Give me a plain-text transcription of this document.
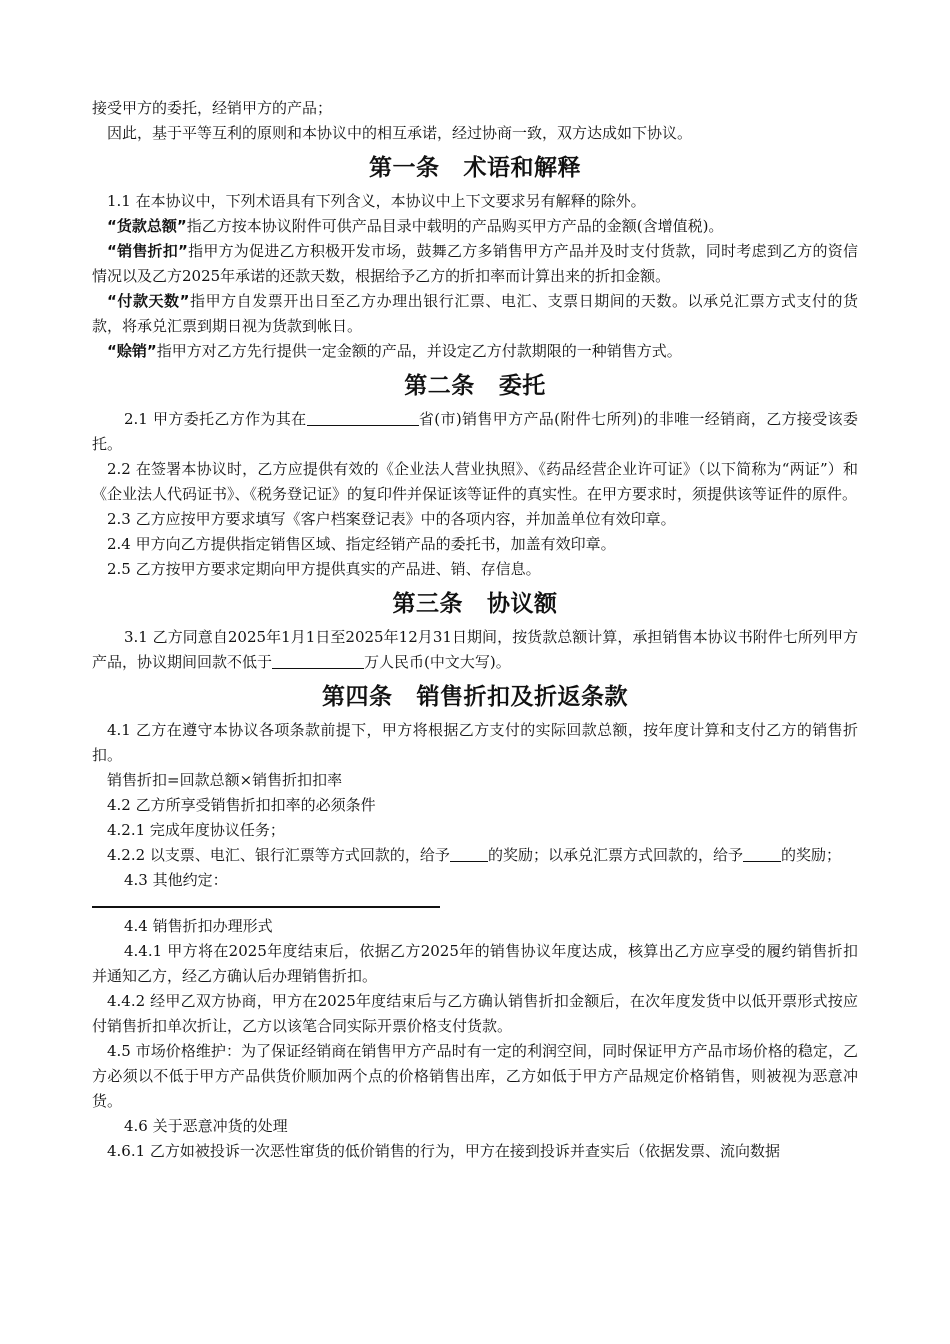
接受甲方的委托，经销甲方的产品；

因此，基于平等互利的原则和本协议中的相互承诺，经过协商一致，双方达成如下协议。

第一条 术语和解释

1.1 在本协议中，下列术语具有下列含义，本协议中上下文要求另有解释的除外。

“货款总额”指乙方按本协议附件可供产品目录中载明的产品购买甲方产品的金额(含增值税)。

“销售折扣”指甲方为促进乙方积极开发市场，鼓舞乙方多销售甲方产品并及时支付货款，同时考虑到乙方的资信情况以及乙方2025年承诺的还款天数，根据给予乙方的折扣率而计算出来的折扣金额。

“付款天数”指甲方自发票开出日至乙方办理出银行汇票、电汇、支票日期间的天数。以承兑汇票方式支付的货款，将承兑汇票到期日视为货款到帐日。

“赊销”指甲方对乙方先行提供一定金额的产品，并设定乙方付款期限的一种销售方式。

第二条 委托

2.1 甲方委托乙方作为其在	省(市)销售甲方产品(附件七所列)的非唯一经销商，乙方接受该委托。

2.2 在签署本协议时，乙方应提供有效的《企业法人营业执照》、《药品经营企业许可证》（以下简称为“两证”）和《企业法人代码证书》、《税务登记证》的复印件并保证该等证件的真实性。在甲方要求时，须提供该等证件的原件。

2.3 乙方应按甲方要求填写《客户档案登记表》中的各项内容，并加盖单位有效印章。

2.4 甲方向乙方提供指定销售区域、指定经销产品的委托书，加盖有效印章。

2.5 乙方按甲方要求定期向甲方提供真实的产品进、销、存信息。

第三条 协议额

3.1 乙方同意自2025年1月1日至2025年12月31日期间，按货款总额计算，承担销售本协议书附件七所列甲方产品，协议期间回款不低于	万人民币(中文大写)。

第四条 销售折扣及折返条款

4.1 乙方在遵守本协议各项条款前提下，甲方将根据乙方支付的实际回款总额，按年度计算和支付乙方的销售折扣。

销售折扣=回款总额×销售折扣扣率

4.2 乙方所享受销售折扣扣率的必须条件

4.2.1 完成年度协议任务；

4.2.2 以支票、电汇、银行汇票等方式回款的，给予	的奖励；以承兑汇票方式回款的，给予	的奖励；

4.3 其他约定：

4.4 销售折扣办理形式

4.4.1 甲方将在2025年度结束后，依据乙方2025年的销售协议年度达成，核算出乙方应享受的履约销售折扣并通知乙方，经乙方确认后办理销售折扣。

4.4.2 经甲乙双方协商，甲方在2025年度结束后与乙方确认销售折扣金额后，在次年度发货中以低开票形式按应付销售折扣单次折让，乙方以该笔合同实际开票价格支付货款。

4.5 市场价格维护：为了保证经销商在销售甲方产品时有一定的利润空间，同时保证甲方产品市场价格的稳定，乙方必须以不低于甲方产品供货价顺加两个点的价格销售出库，乙方如低于甲方产品规定价格销售，则被视为恶意冲货。

4.6 关于恶意冲货的处理

4.6.1 乙方如被投诉一次恶性窜货的低价销售的行为，甲方在接到投诉并查实后（依据发票、流向数据
